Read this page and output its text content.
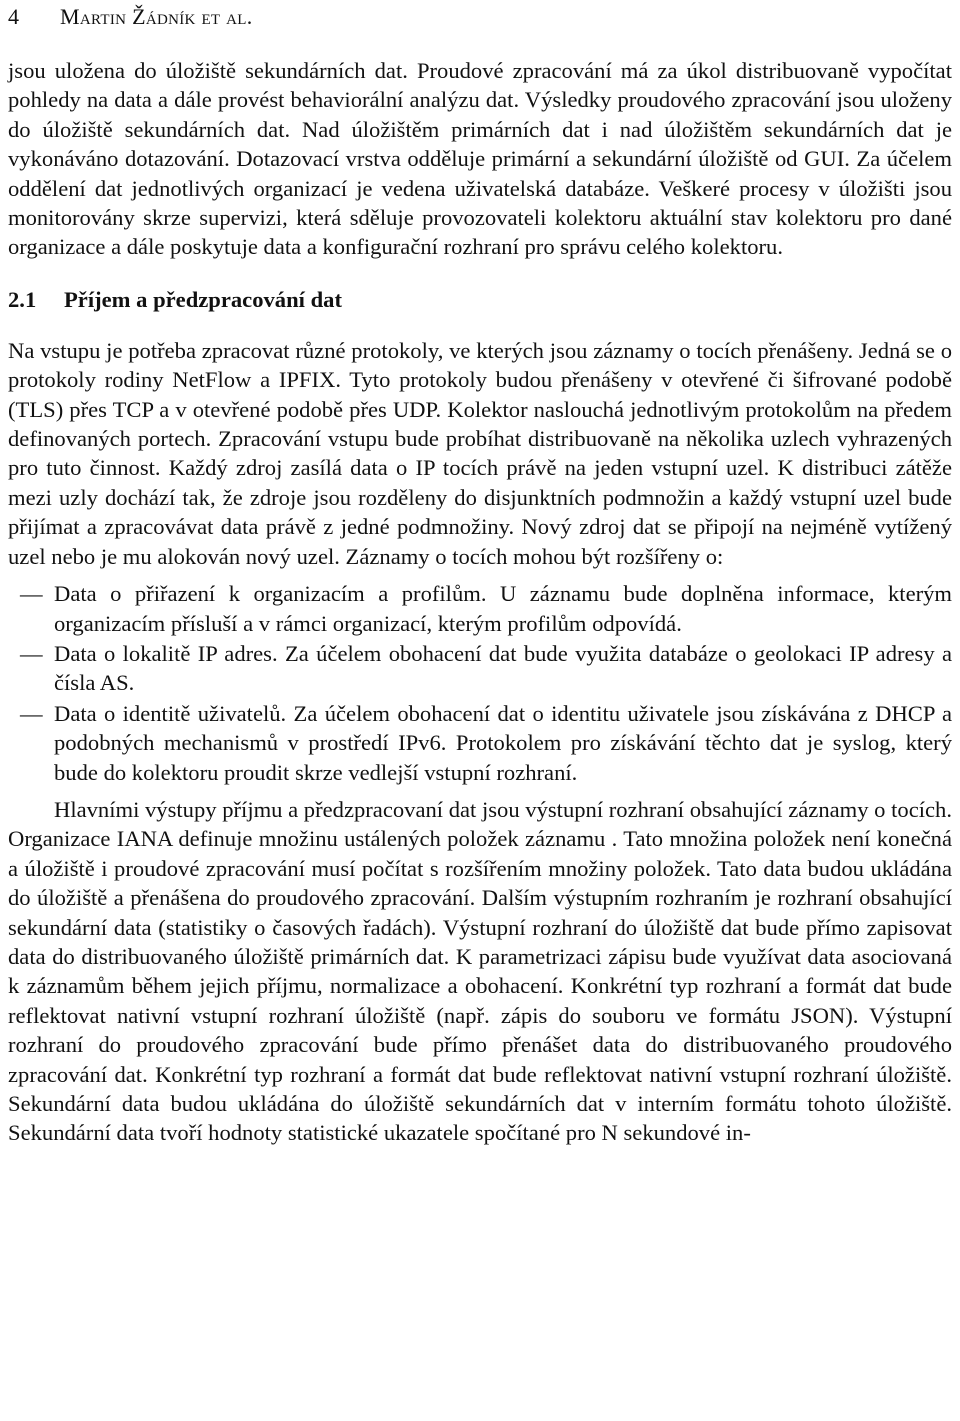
4 Martin Žádník et al.

jsou uložena do úložiště sekundárních dat. Proudové zpracování má za úkol distribuovaně vypočítat pohledy na data a dále provést behaviorální analýzu dat. Výsledky proudového zpracování jsou uloženy do úložiště sekundárních dat. Nad úložištěm primárních dat i nad úložištěm sekundárních dat je vykonáváno dotazování. Dotazovací vrstva odděluje primární a sekundární úložiště od GUI. Za účelem oddělení dat jednotlivých organizací je vedena uživatelská databáze. Veškeré procesy v úložišti jsou monitorovány skrze supervizi, která sděluje provozovateli kolektoru aktuální stav kolektoru pro dané organizace a dále poskytuje data a konfigurační rozhraní pro správu celého kolektoru.

2.1 Příjem a předzpracování dat

Na vstupu je potřeba zpracovat různé protokoly, ve kterých jsou záznamy o tocích přenášeny. Jedná se o protokoly rodiny NetFlow a IPFIX. Tyto protokoly budou přenášeny v otevřené či šifrované podobě (TLS) přes TCP a v otevřené podobě přes UDP. Kolektor naslouchá jednotlivým protokolům na předem definovaných portech. Zpracování vstupu bude probíhat distribuovaně na několika uzlech vyhrazených pro tuto činnost. Každý zdroj zasílá data o IP tocích právě na jeden vstupní uzel. K distribuci zátěže mezi uzly dochází tak, že zdroje jsou rozděleny do disjunktních podmnožin a každý vstupní uzel bude přijímat a zpracovávat data právě z jedné podmnožiny. Nový zdroj dat se připojí na nejméně vytížený uzel nebo je mu alokován nový uzel. Záznamy o tocích mohou být rozšířeny o:

— Data o přiřazení k organizacím a profilům. U záznamu bude doplněna informace, kterým organizacím přísluší a v rámci organizací, kterým profilům odpovídá.
— Data o lokalitě IP adres. Za účelem obohacení dat bude využita databáze o geolokaci IP adresy a čísla AS.
— Data o identitě uživatelů. Za účelem obohacení dat o identitu uživatele jsou získávána z DHCP a podobných mechanismů v prostředí IPv6. Protokolem pro získávání těchto dat je syslog, který bude do kolektoru proudit skrze vedlejší vstupní rozhraní.

Hlavními výstupy příjmu a předzpracovaní dat jsou výstupní rozhraní obsahující záznamy o tocích. Organizace IANA definuje množinu ustálených položek záznamu . Tato množina položek není konečná a úložiště i proudové zpracování musí počítat s rozšířením množiny položek. Tato data budou ukládána do úložiště a přenášena do proudového zpracování. Dalším výstupním rozhraním je rozhraní obsahující sekundární data (statistiky o časových řadách). Výstupní rozhraní do úložiště dat bude přímo zapisovat data do distribuovaného úložiště primárních dat. K parametrizaci zápisu bude využívat data asociovaná k záznamům během jejich příjmu, normalizace a obohacení. Konkrétní typ rozhraní a formát dat bude reflektovat nativní vstupní rozhraní úložiště (např. zápis do souboru ve formátu JSON). Výstupní rozhraní do proudového zpracování bude přímo přenášet data do distribuovaného proudového zpracování dat. Konkrétní typ rozhraní a formát dat bude reflektovat nativní vstupní rozhraní úložiště. Sekundární data budou ukládána do úložiště sekundárních dat v interním formátu tohoto úložiště. Sekundární data tvoří hodnoty statistické ukazatele spočítané pro N sekundové in-
